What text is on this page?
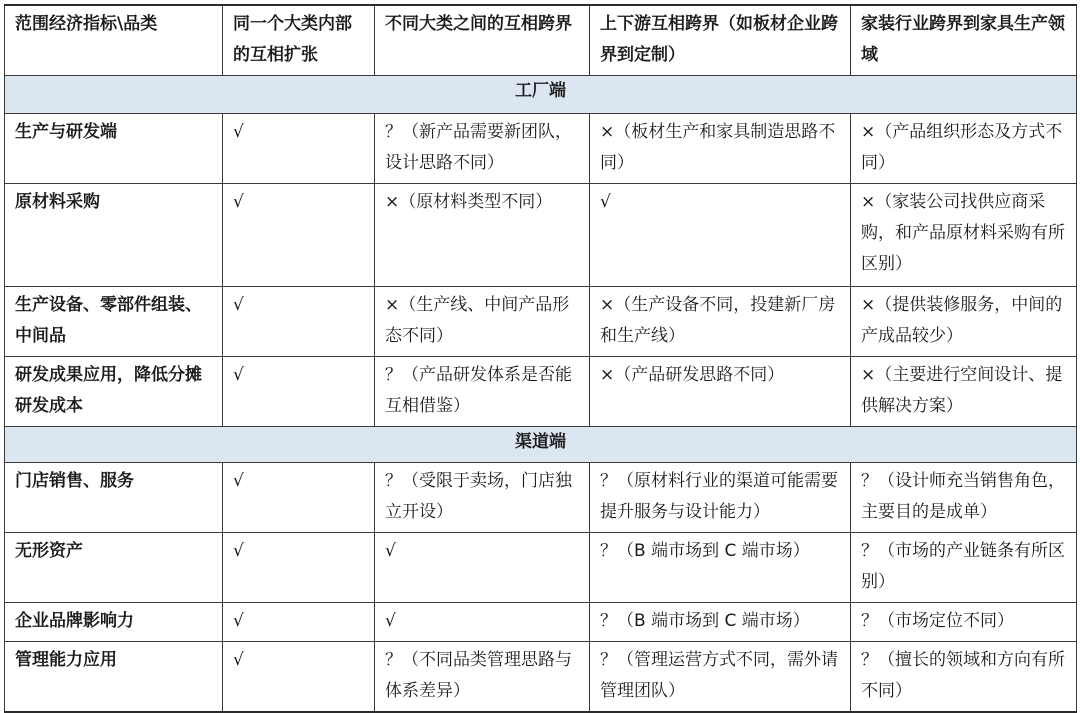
范围经济指标\品类	同一个大类内部的互相扩张	不同大类之间的互相跨界	上下游互相跨界（如板材企业跨界到定制）	家装行业跨界到家具生产领域
工厂端				
生产与研发端	√	？（新产品需要新团队，设计思路不同）	×（板材生产和家具制造思路不同）	×（产品组织形态及方式不同）
原材料采购	√	×（原材料类型不同）	√	×（家装公司找供应商采购，和产品原材料采购有所区别）
生产设备、零部件组装、中间品	√	×（生产线、中间产品形态不同）	×（生产设备不同，投建新厂房和生产线）	×（提供装修服务，中间的产成品较少）
研发成果应用，降低分摊研发成本	√	？（产品研发体系是否能互相借鉴）	×（产品研发思路不同）	×（主要进行空间设计、提供解决方案）
渠道端				
门店销售、服务	√	？（受限于卖场，门店独立开设）	？（原材料行业的渠道可能需要提升服务与设计能力）	？（设计师充当销售角色，主要目的是成单）
无形资产	√	√	？（B 端市场到 C 端市场）	？（市场的产业链条有所区别）
企业品牌影响力	√	√	？（B 端市场到 C 端市场）	？（市场定位不同）
管理能力应用	√	？（不同品类管理思路与体系差异）	？（管理运营方式不同，需外请管理团队）	？（擅长的领域和方向有所不同）
